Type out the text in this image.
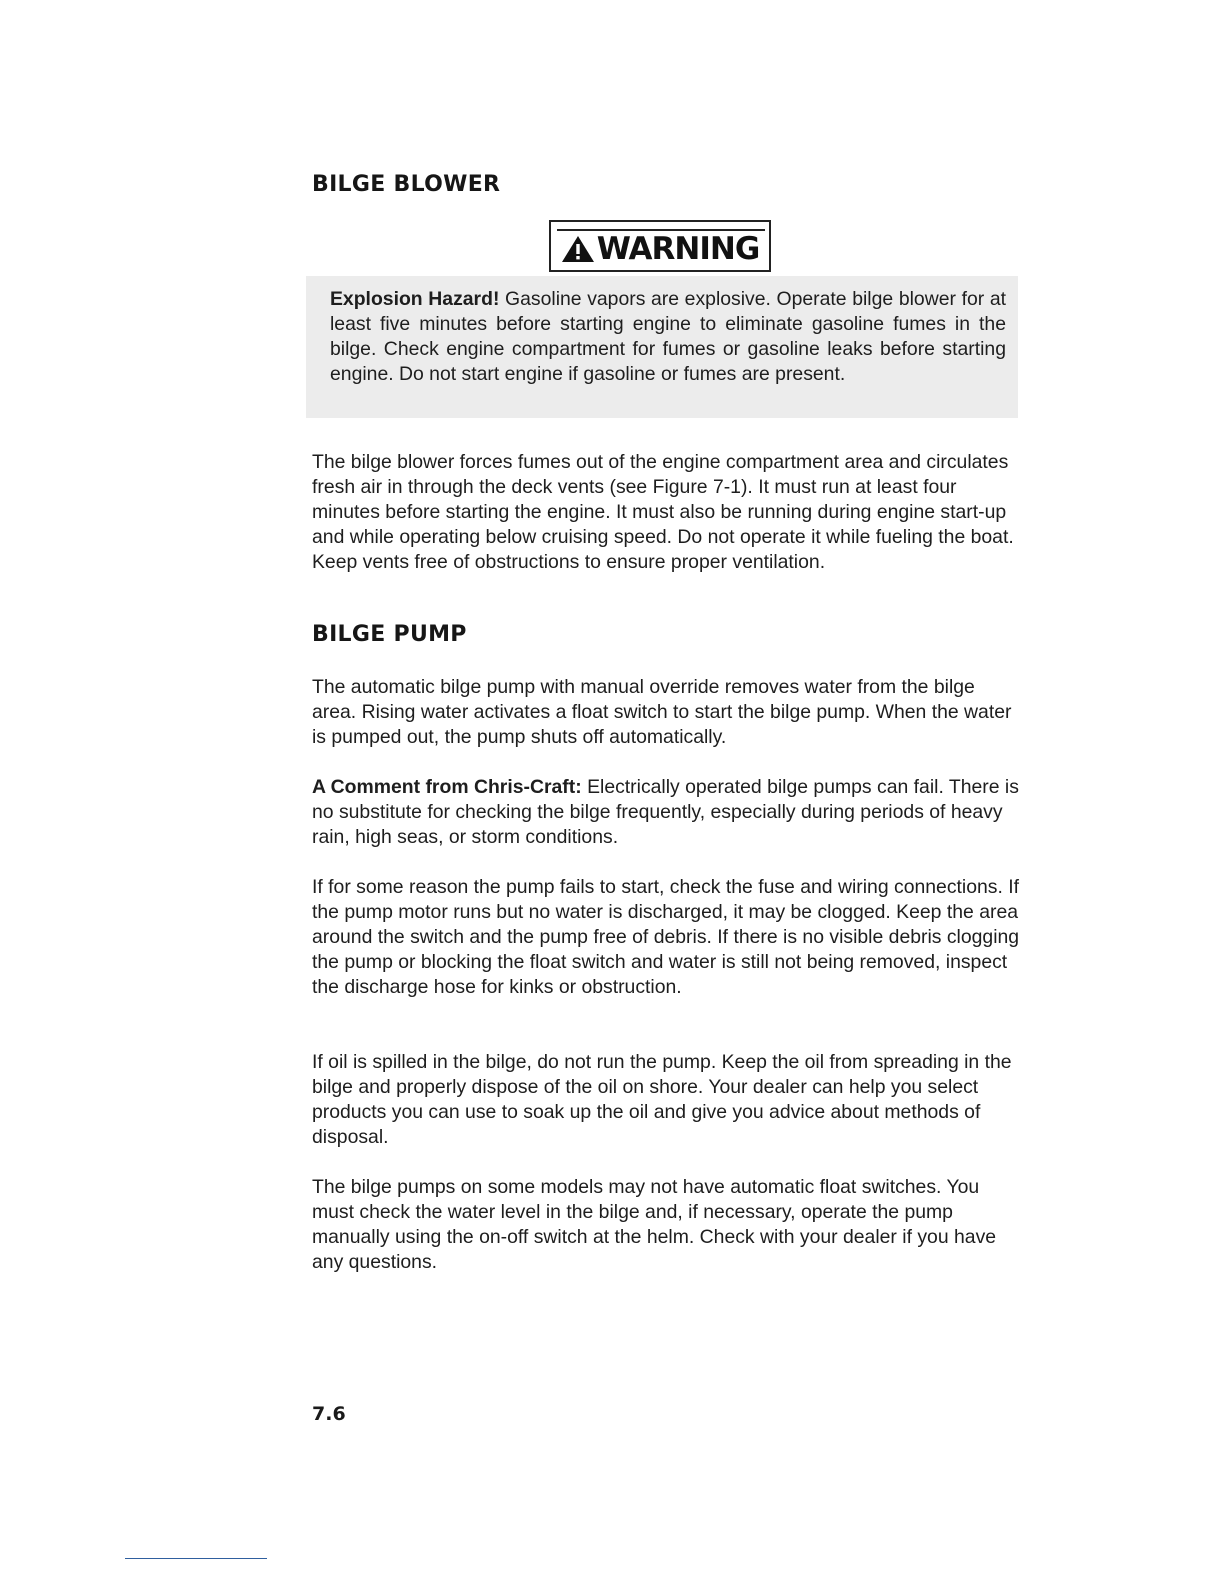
BILGE BLOWER
WARNING

Explosion Hazard! Gasoline vapors are explosive. Operate bilge blower for at least five minutes before starting engine to eliminate gasoline fumes in the bilge. Check engine compartment for fumes or gasoline leaks before starting engine. Do not start engine if gasoline or fumes are present.

The bilge blower forces fumes out of the engine compartment area and circulates fresh air in through the deck vents (see Figure 7-1). It must run at least four minutes before starting the engine. It must also be running during engine start-up and while operating below cruising speed. Do not operate it while fueling the boat. Keep vents free of obstructions to ensure proper ventilation.

BILGE PUMP

The automatic bilge pump with manual override removes water from the bilge area. Rising water activates a float switch to start the bilge pump. When the water is pumped out, the pump shuts off automatically.

A Comment from Chris-Craft: Electrically operated bilge pumps can fail. There is no substitute for checking the bilge frequently, especially during periods of heavy rain, high seas, or storm conditions.

If for some reason the pump fails to start, check the fuse and wiring connections. If the pump motor runs but no water is discharged, it may be clogged. Keep the area around the switch and the pump free of debris. If there is no visible debris clogging the pump or blocking the float switch and water is still not being removed, inspect the discharge hose for kinks or obstruction.

If oil is spilled in the bilge, do not run the pump. Keep the oil from spreading in the bilge and properly dispose of the oil on shore. Your dealer can help you select products you can use to soak up the oil and give you advice about methods of disposal.

The bilge pumps on some models may not have automatic float switches. You must check the water level in the bilge and, if necessary, operate the pump manually using the on-off switch at the helm. Check with your dealer if you have any questions.

7.6
